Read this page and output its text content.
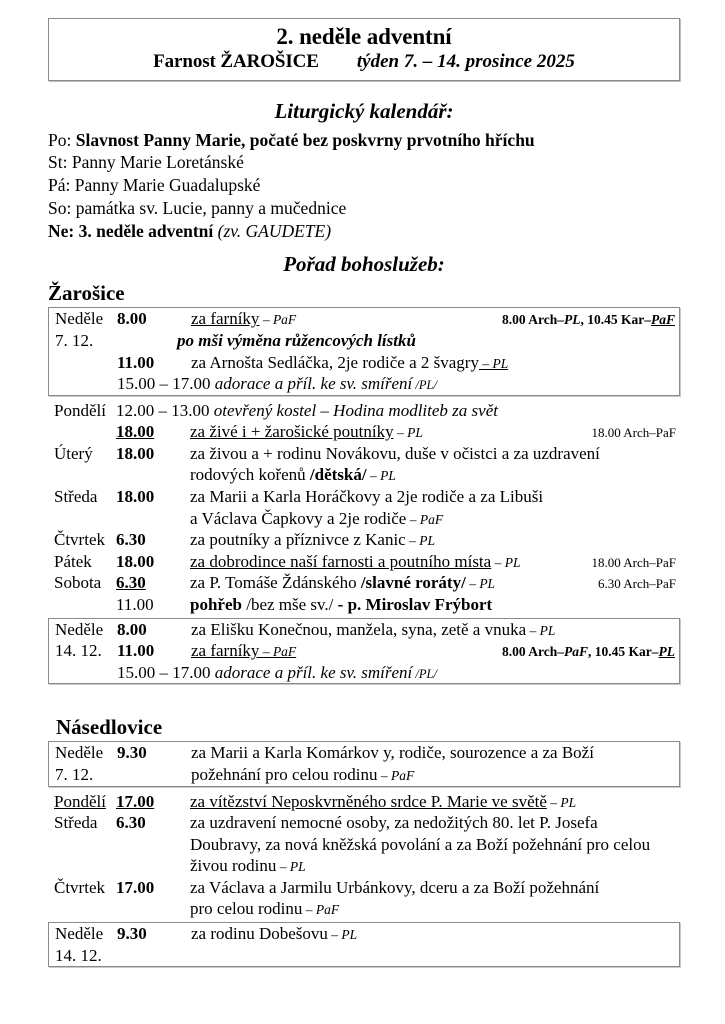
2. neděle adventní
Farnost ŽAROŠICE týden 7. – 14. prosince 2025
Liturgický kalendář:
Po: Slavnost Panny Marie, počaté bez poskvrny prvotního hříchu
St: Panny Marie Loretánské
Pá: Panny Marie Guadalupské
So: památka sv. Lucie, panny a mučednice
Ne: 3. neděle adventní (zv. GAUDETE)
Pořad bohoslužeb:
Žarošice
Neděle 8.00	za farníky – PaF	8.00 Arch–PL, 10.45 Kar–PaF
7. 12.	po mši výměna růžencových lístků
11.00	za Arnošta Sedláčka, 2je rodiče a 2 švagry – PL
15.00 – 17.00 adorace a příl. ke sv. smíření /PL/
Pondělí 12.00 – 13.00 otevřený kostel – Hodina modliteb za svět
18.00	za živé i + žarošické poutníky – PL	18.00 Arch–PaF
Úterý	18.00	za živou a + rodinu Novákovu, duše v očistci a za uzdravení
rodových kořenů /dětská/ – PL
Středa	18.00	za Marii a Karla Horáčkovy a 2je rodiče a za Libuši
a Václava Čapkovy a 2je rodiče – PaF
Čtvrtek 6.30	za poutníky a příznivce z Kanic – PL
Pátek	18.00	za dobrodince naší farnosti a poutního místa – PL	18.00 Arch–PaF
Sobota 6.30	za P. Tomáše Ždánského /slavné roráty/ – PL	6.30 Arch–PaF
11.00	pohřeb /bez mše sv./ - p. Miroslav Frýbort
Neděle 8.00	za Elišku Konečnou, manžela, syna, zetě a vnuka – PL
14. 12. 11.00	za farníky – PaF	8.00 Arch–PaF, 10.45 Kar–PL
15.00 – 17.00 adorace a příl. ke sv. smíření /PL/
Násedlovice
Neděle 9.30	za Marii a Karla Komárkov y, rodiče, sourozence a za Boží
7. 12.	požehnání pro celou rodinu – PaF
Pondělí 17.00	za vítězství Neposkvrněného srdce P. Marie ve světě – PL
Středa	6.30	za uzdravení nemocné osoby, za nedožitých 80. let P. Josefa
Doubravy, za nová kněžská povolání a za Boží požehnání pro celou
živou rodinu – PL
Čtvrtek 17.00	za Václava a Jarmilu Urbánkovy, dceru a za Boží požehnání
pro celou rodinu – PaF
Neděle 9.30	za rodinu Dobešovu – PL
14. 12.
